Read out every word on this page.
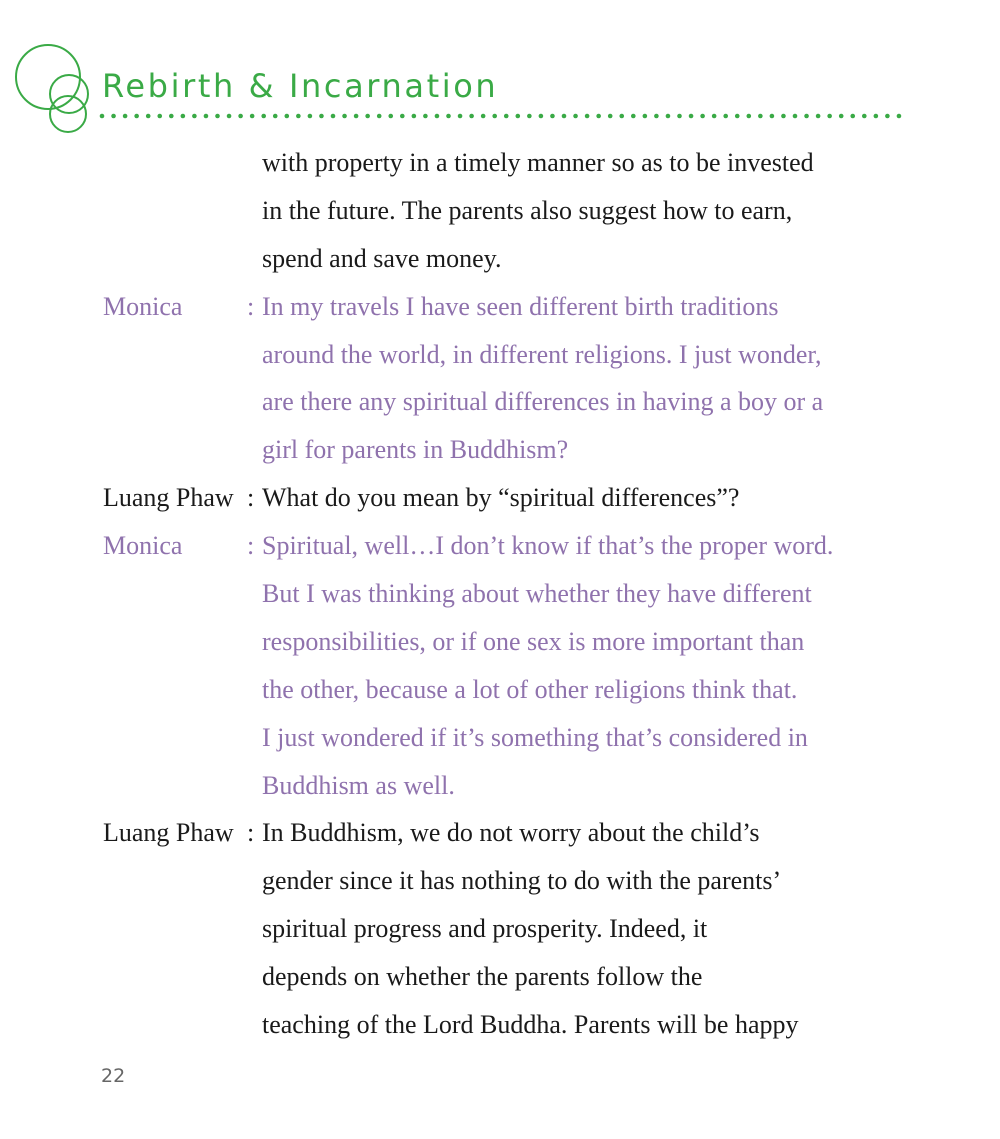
Rebirth & Incarnation
with property in a timely manner so as to be invested
in the future. The parents also suggest how to earn,
spend and save money.
Monica : In my travels I have seen different birth traditions
around the world, in different religions. I just wonder,
are there any spiritual differences in having a boy or a
girl for parents in Buddhism?
Luang Phaw : What do you mean by “spiritual differences”?
Monica : Spiritual, well…I don’t know if that’s the proper word.
But I was thinking about whether they have different
responsibilities, or if one sex is more important than
the other, because a lot of other religions think that.
I just wondered if it’s something that’s considered in
Buddhism as well.
Luang Phaw : In Buddhism, we do not worry about the child’s
gender since it has nothing to do with the parents’
spiritual progress and prosperity. Indeed, it
depends on whether the parents follow the
teaching of the Lord Buddha. Parents will be happy
22
